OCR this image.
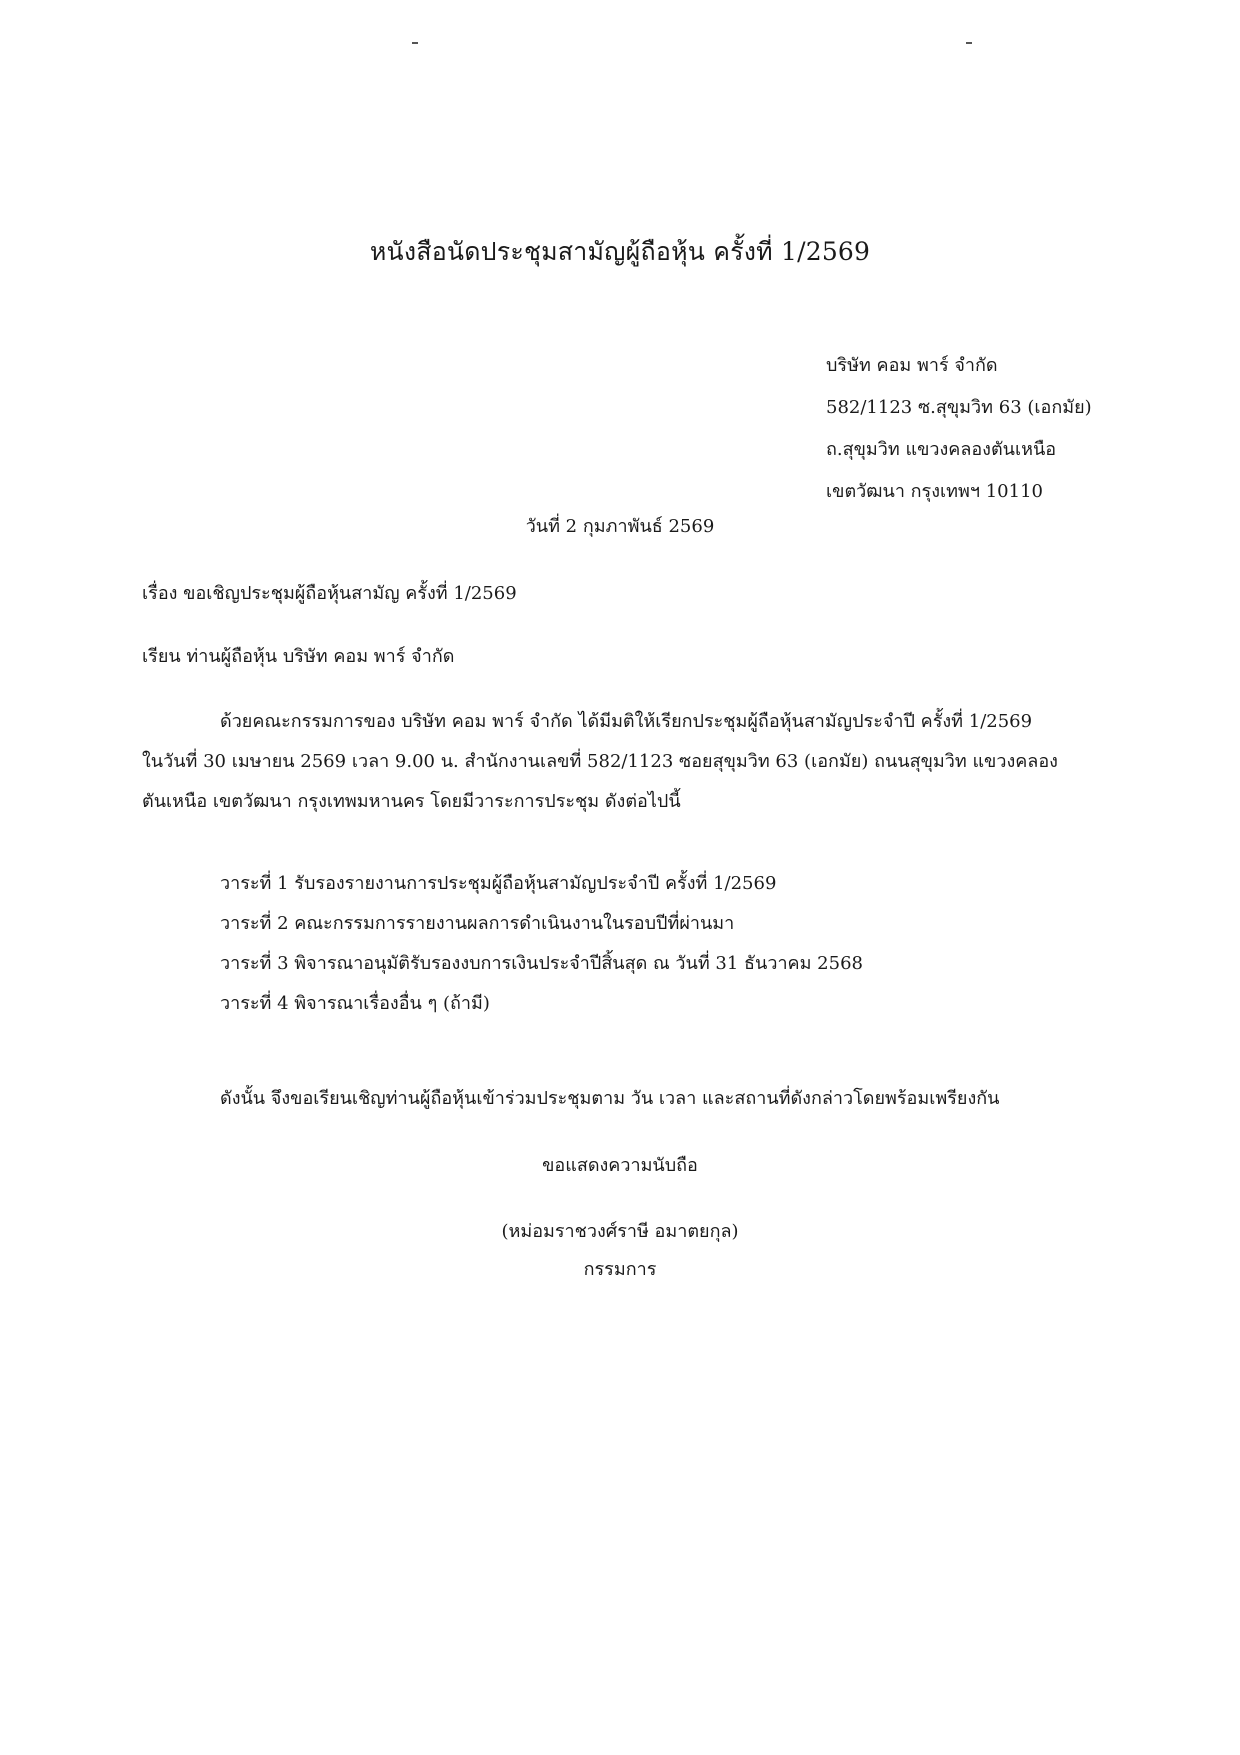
หนังสือนัดประชุมสามัญผู้ถือหุ้น ครั้งที่ 1/2569
บริษัท คอม พาร์ จำกัด
582/1123 ซ.สุขุมวิท 63 (เอกมัย)
ถ.สุขุมวิท แขวงคลองตันเหนือ
เขตวัฒนา กรุงเทพฯ 10110
วันที่ 2 กุมภาพันธ์ 2569
เรื่อง ขอเชิญประชุมผู้ถือหุ้นสามัญ ครั้งที่ 1/2569
เรียน ท่านผู้ถือหุ้น บริษัท คอม พาร์ จำกัด
ด้วยคณะกรรมการของ บริษัท คอม พาร์ จำกัด ได้มีมติให้เรียกประชุมผู้ถือหุ้นสามัญประจำปี ครั้งที่ 1/2569
ในวันที่ 30 เมษายน 2569 เวลา 9.00 น. สำนักงานเลขที่ 582/1123 ซอยสุขุมวิท 63 (เอกมัย) ถนนสุขุมวิท แขวงคลอง
ตันเหนือ เขตวัฒนา กรุงเทพมหานคร โดยมีวาระการประชุม ดังต่อไปนี้
วาระที่ 1 รับรองรายงานการประชุมผู้ถือหุ้นสามัญประจำปี ครั้งที่ 1/2569
วาระที่ 2 คณะกรรมการรายงานผลการดำเนินงานในรอบปีที่ผ่านมา
วาระที่ 3 พิจารณาอนุมัติรับรองงบการเงินประจำปีสิ้นสุด ณ วันที่ 31 ธันวาคม 2568
วาระที่ 4 พิจารณาเรื่องอื่น ๆ (ถ้ามี)
ดังนั้น จึงขอเรียนเชิญท่านผู้ถือหุ้นเข้าร่วมประชุมตาม วัน เวลา และสถานที่ดังกล่าวโดยพร้อมเพรียงกัน
ขอแสดงความนับถือ
(หม่อมราชวงศ์ราษี อมาตยกุล)
กรรมการ
